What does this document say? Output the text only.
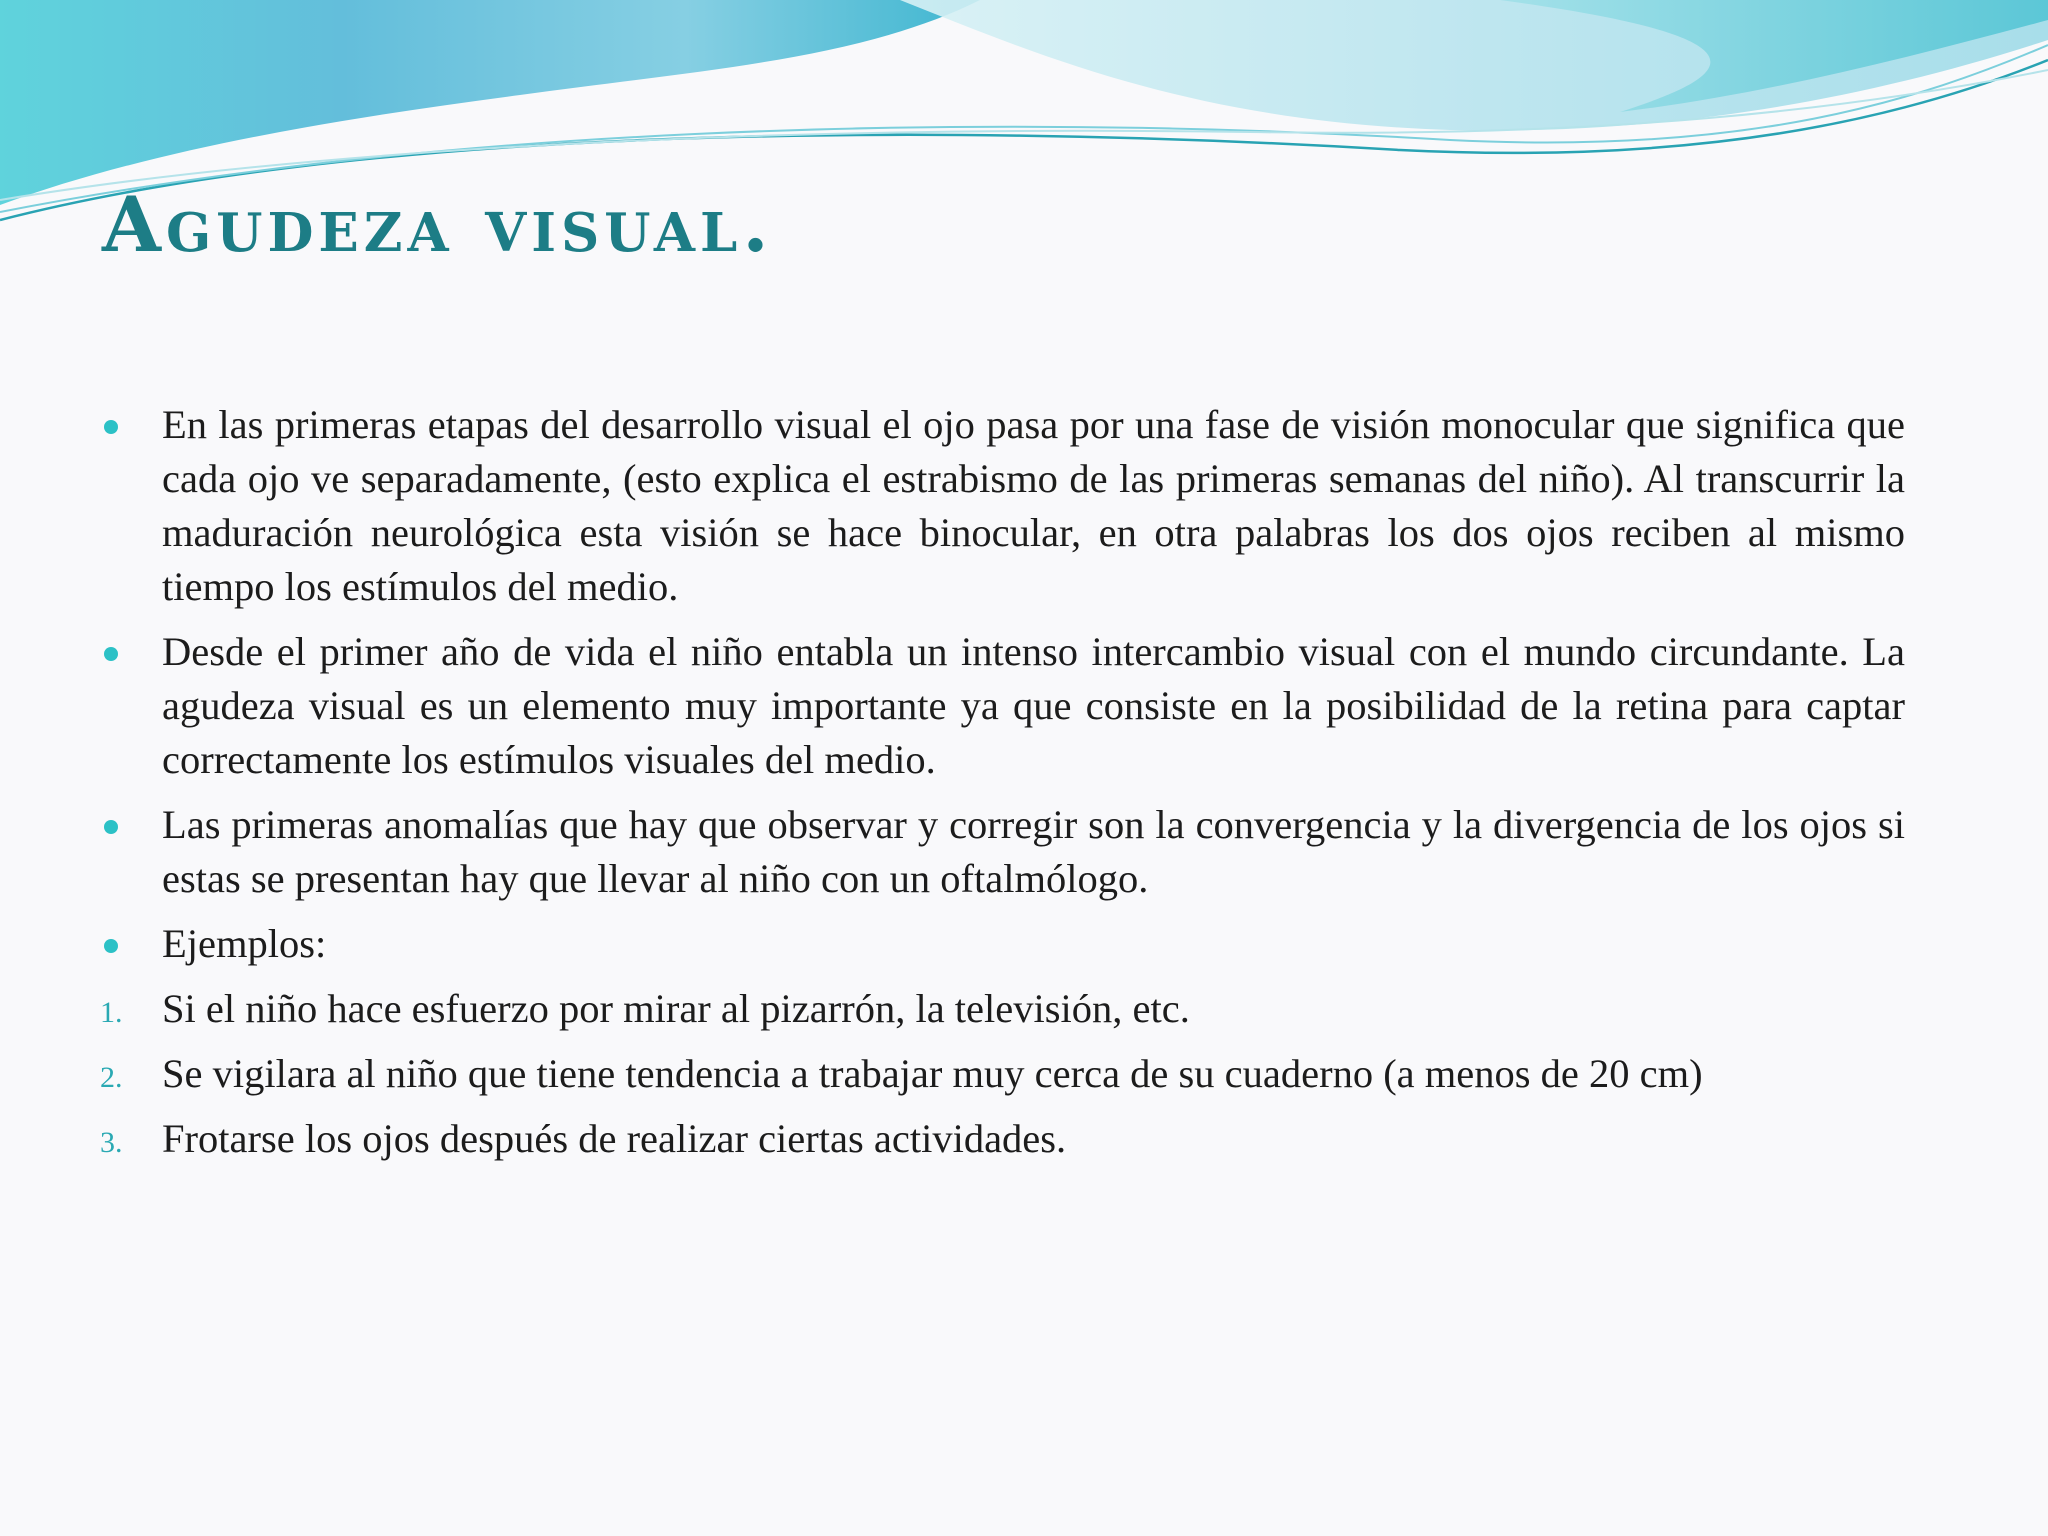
Agudeza visual.
En las primeras etapas del desarrollo visual el ojo pasa por una fase de visión monocular que significa que cada ojo ve separadamente, (esto explica el estrabismo de las primeras semanas del niño). Al transcurrir la maduración neurológica esta visión se hace binocular, en otra palabras los dos ojos reciben al mismo tiempo los estímulos del medio.
Desde el primer año de vida el niño entabla un intenso intercambio visual con el mundo circundante. La agudeza visual es un elemento muy importante ya que consiste en la posibilidad de la retina para captar correctamente los estímulos visuales del medio.
Las primeras anomalías que hay que observar y corregir son la convergencia y la divergencia de los ojos si estas se presentan hay que llevar al niño con un oftalmólogo.
Ejemplos:
1. Si el niño hace esfuerzo por mirar al pizarrón, la televisión, etc.
2. Se vigilara al niño que tiene tendencia a trabajar muy cerca de su cuaderno (a menos de 20 cm)
3. Frotarse los ojos después de realizar ciertas actividades.
